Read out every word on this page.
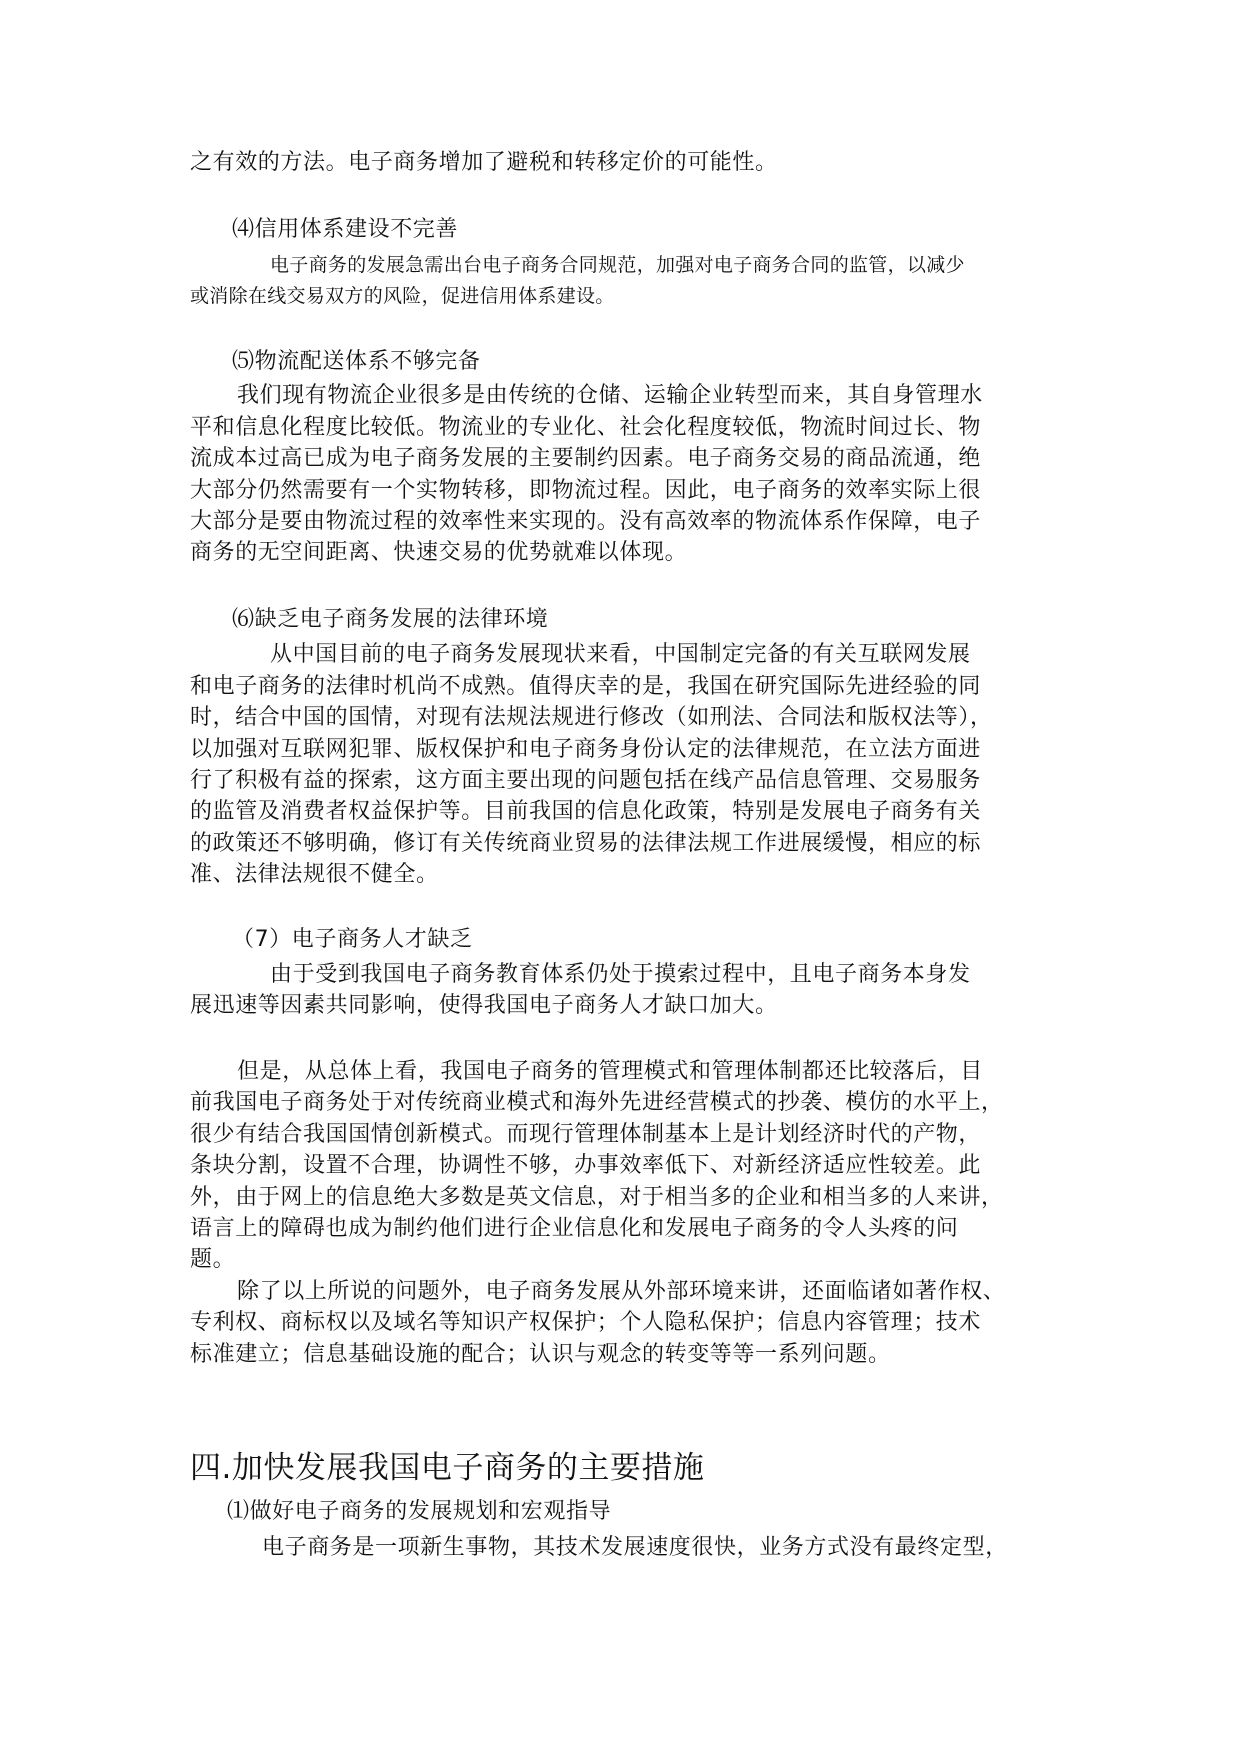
之有效的方法。电子商务增加了避税和转移定价的可能性。
⑷信用体系建设不完善
电子商务的发展急需出台电子商务合同规范，加强对电子商务合同的监管，以减少
或消除在线交易双方的风险，促进信用体系建设。
⑸物流配送体系不够完备
我们现有物流企业很多是由传统的仓储、运输企业转型而来，其自身管理水
平和信息化程度比较低。物流业的专业化、社会化程度较低，物流时间过长、物
流成本过高已成为电子商务发展的主要制约因素。电子商务交易的商品流通，绝
大部分仍然需要有一个实物转移，即物流过程。因此，电子商务的效率实际上很
大部分是要由物流过程的效率性来实现的。没有高效率的物流体系作保障，电子
商务的无空间距离、快速交易的优势就难以体现。
⑹缺乏电子商务发展的法律环境
从中国目前的电子商务发展现状来看，中国制定完备的有关互联网发展
和电子商务的法律时机尚不成熟。值得庆幸的是，我国在研究国际先进经验的同
时，结合中国的国情，对现有法规法规进行修改（如刑法、合同法和版权法等），
以加强对互联网犯罪、版权保护和电子商务身份认定的法律规范，在立法方面进
行了积极有益的探索，这方面主要出现的问题包括在线产品信息管理、交易服务
的监管及消费者权益保护等。目前我国的信息化政策，特别是发展电子商务有关
的政策还不够明确，修订有关传统商业贸易的法律法规工作进展缓慢，相应的标
准、法律法规很不健全。
（7）电子商务人才缺乏
由于受到我国电子商务教育体系仍处于摸索过程中，且电子商务本身发
展迅速等因素共同影响，使得我国电子商务人才缺口加大。
但是，从总体上看，我国电子商务的管理模式和管理体制都还比较落后，目
前我国电子商务处于对传统商业模式和海外先进经营模式的抄袭、模仿的水平上，
很少有结合我国国情创新模式。而现行管理体制基本上是计划经济时代的产物，
条块分割，设置不合理，协调性不够，办事效率低下、对新经济适应性较差。此
外，由于网上的信息绝大多数是英文信息，对于相当多的企业和相当多的人来讲，
语言上的障碍也成为制约他们进行企业信息化和发展电子商务的令人头疼的问
题。
除了以上所说的问题外，电子商务发展从外部环境来讲，还面临诸如著作权、
专利权、商标权以及域名等知识产权保护；个人隐私保护；信息内容管理；技术
标准建立；信息基础设施的配合；认识与观念的转变等等一系列问题。
四.加快发展我国电子商务的主要措施
⑴做好电子商务的发展规划和宏观指导
电子商务是一项新生事物，其技术发展速度很快，业务方式没有最终定型，
